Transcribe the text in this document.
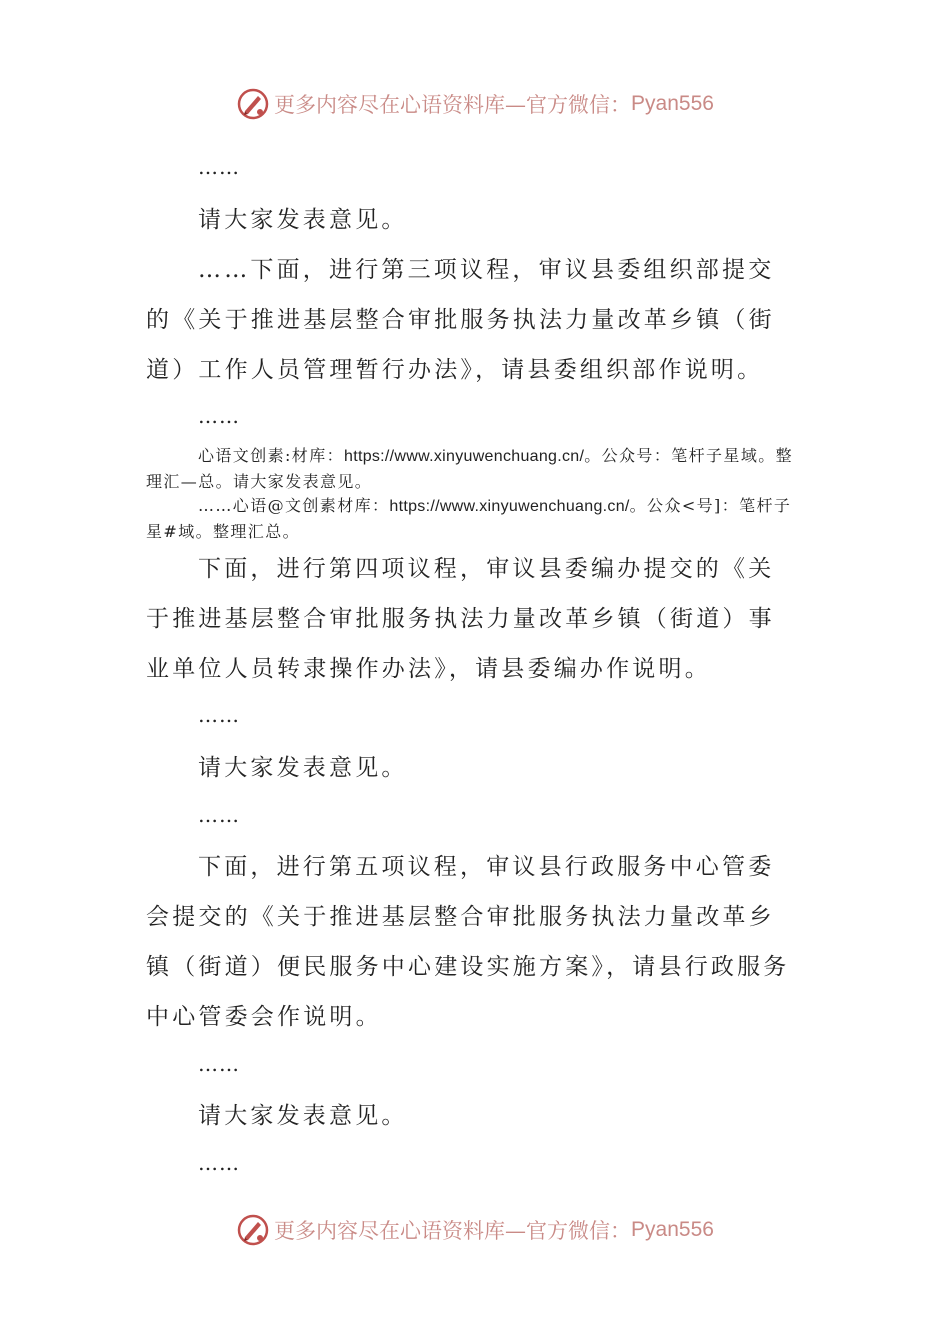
更多内容尽在心语资料库—官方微信： Pyan556
……
请大家发表意见。
……下面，进行第三项议程，审议县委组织部提交的《关于推进基层整合审批服务执法力量改革乡镇（街道）工作人员管理暂行办法》，请县委组织部作说明。
……
心语文创素:材库：https://www.xinyuwenchuang.cn/。公众号：笔杆子星域。整理汇—总。请大家发表意见。
……心语@文创素材库：https://www.xinyuwenchuang.cn/。公众<号]：笔杆子星#域。整理汇总。
下面，进行第四项议程，审议县委编办提交的《关于推进基层整合审批服务执法力量改革乡镇（街道）事业单位人员转隶操作办法》，请县委编办作说明。
……
请大家发表意见。
……
下面，进行第五项议程，审议县行政服务中心管委会提交的《关于推进基层整合审批服务执法力量改革乡镇（街道）便民服务中心建设实施方案》，请县行政服务中心管委会作说明。
……
请大家发表意见。
……
更多内容尽在心语资料库—官方微信： Pyan556
